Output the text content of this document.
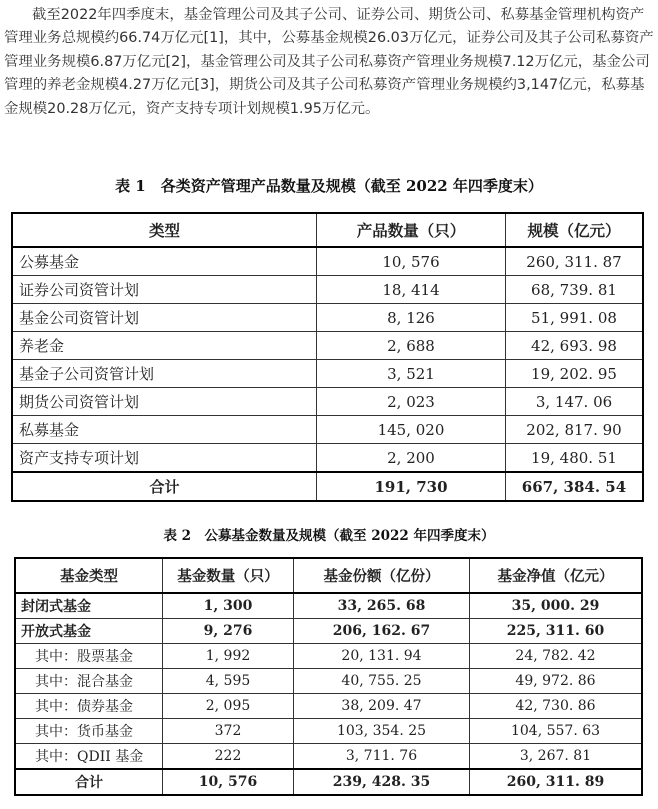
截至2022年四季度末，基金管理公司及其子公司、证券公司、期货公司、私募基金管理机构资产管理业务总规模约66.74万亿元[1]，其中，公募基金规模26.03万亿元，证券公司及其子公司私募资产管理业务规模6.87万亿元[2]，基金管理公司及其子公司私募资产管理业务规模7.12万亿元，基金公司管理的养老金规模4.27万亿元[3]，期货公司及其子公司私募资产管理业务规模约3,147亿元，私募基金规模20.28万亿元，资产支持专项计划规模1.95万亿元。

表 1　各类资产管理产品数量及规模（截至 2022 年四季度末）
类型	产品数量（只）	规模（亿元）
公募基金	10, 576	260, 311. 87
证券公司资管计划	18, 414	68, 739. 81
基金公司资管计划	8, 126	51, 991. 08
养老金	2, 688	42, 693. 98
基金子公司资管计划	3, 521	19, 202. 95
期货公司资管计划	2, 023	3, 147. 06
私募基金	145, 020	202, 817. 90
资产支持专项计划	2, 200	19, 480. 51
合计	191, 730	667, 384. 54
表 2　公募基金数量及规模（截至 2022 年四季度末）
基金类型	基金数量（只）	基金份额（亿份）	基金净值（亿元）
封闭式基金	1, 300	33, 265. 68	35, 000. 29
开放式基金	9, 276	206, 162. 67	225, 311. 60
　其中：股票基金	1, 992	20, 131. 94	24, 782. 42
　其中：混合基金	4, 595	40, 755. 25	49, 972. 86
　其中：债券基金	2, 095	38, 209. 47	42, 730. 86
　其中：货币基金	372	103, 354. 25	104, 557. 63
　其中：QDII 基金	222	3, 711. 76	3, 267. 81
合计	10, 576	239, 428. 35	260, 311. 89
